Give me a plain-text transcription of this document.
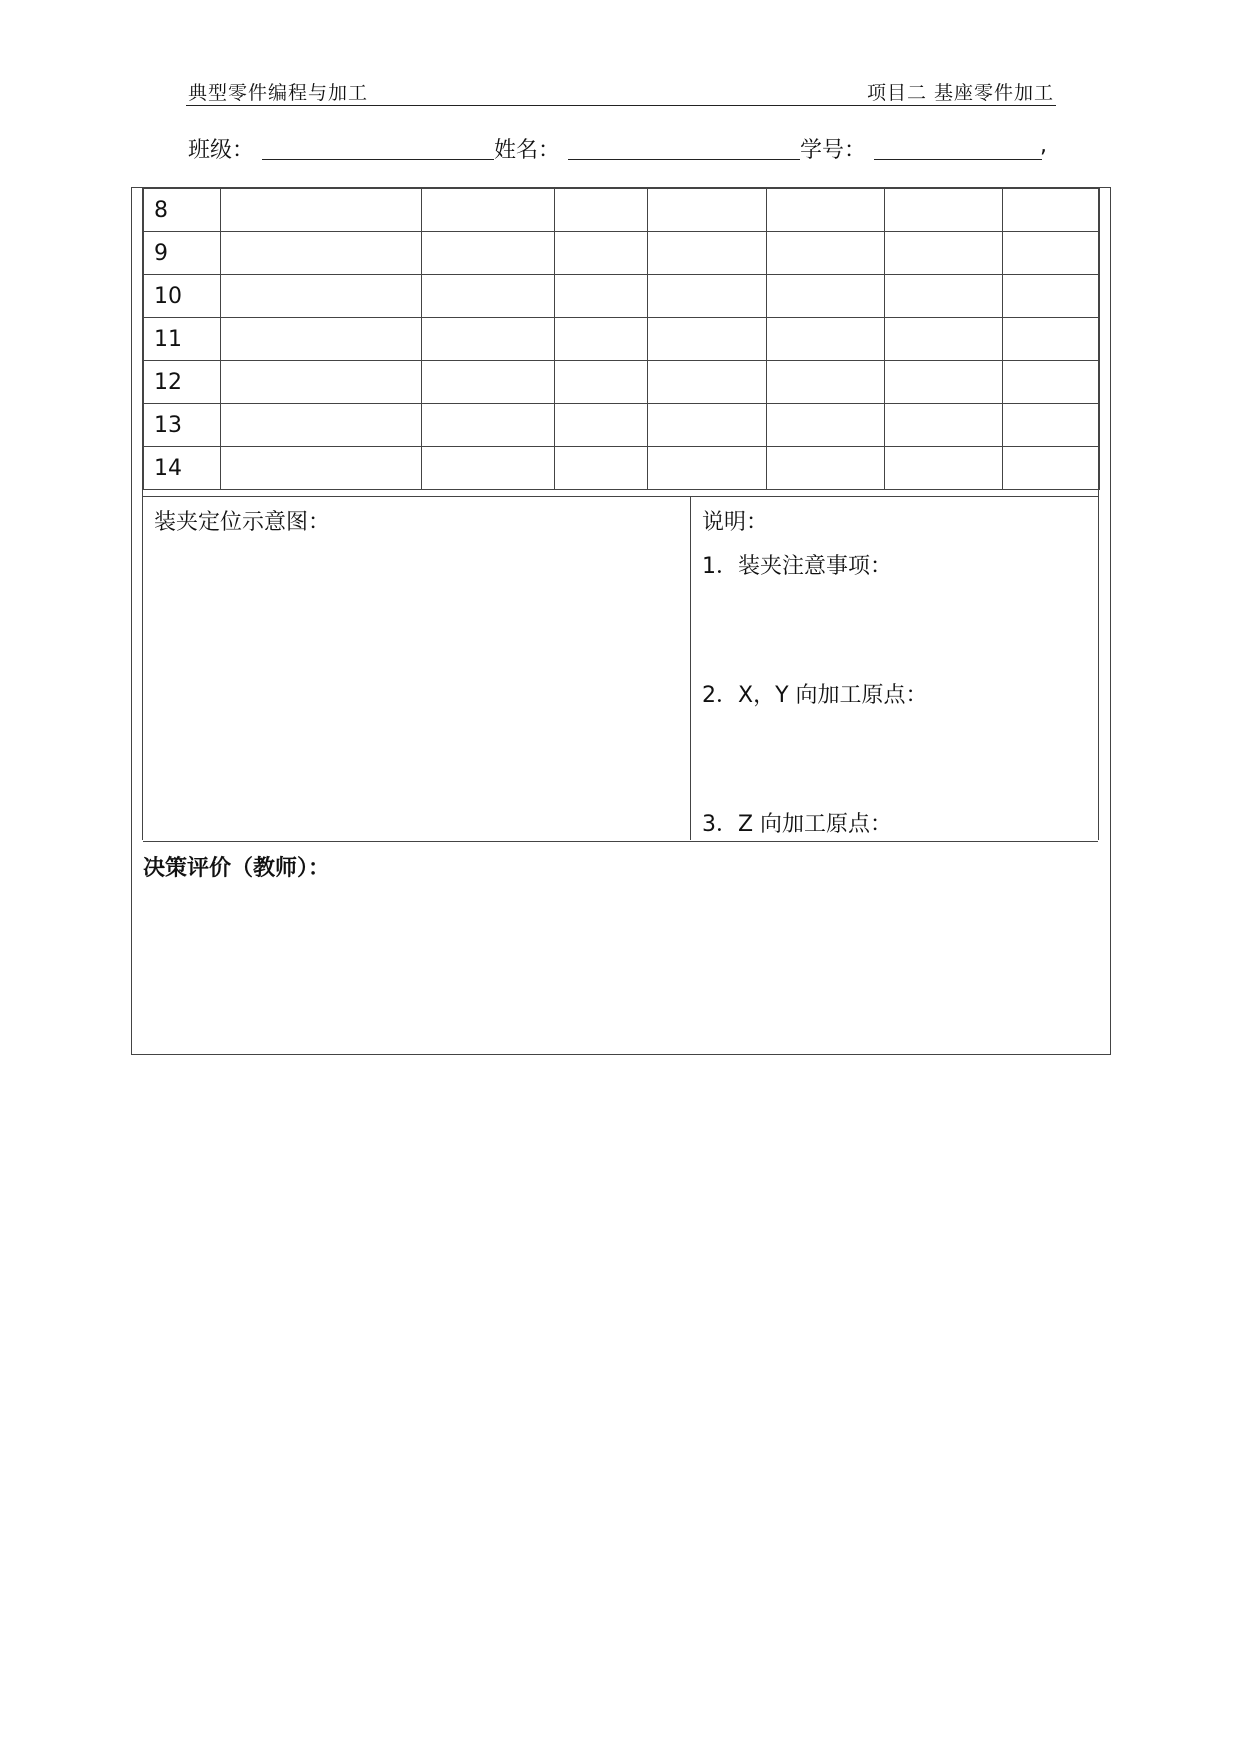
典型零件编程与加工	项目二 基座零件加工
班级：	姓名：	学号：	,
8							
9							
10							
11							
12							
13							
14							
装夹定位示意图：	说明：
1．装夹注意事项：
2．X，Y 向加工原点：
3．Z 向加工原点：
决策评价（教师）：
